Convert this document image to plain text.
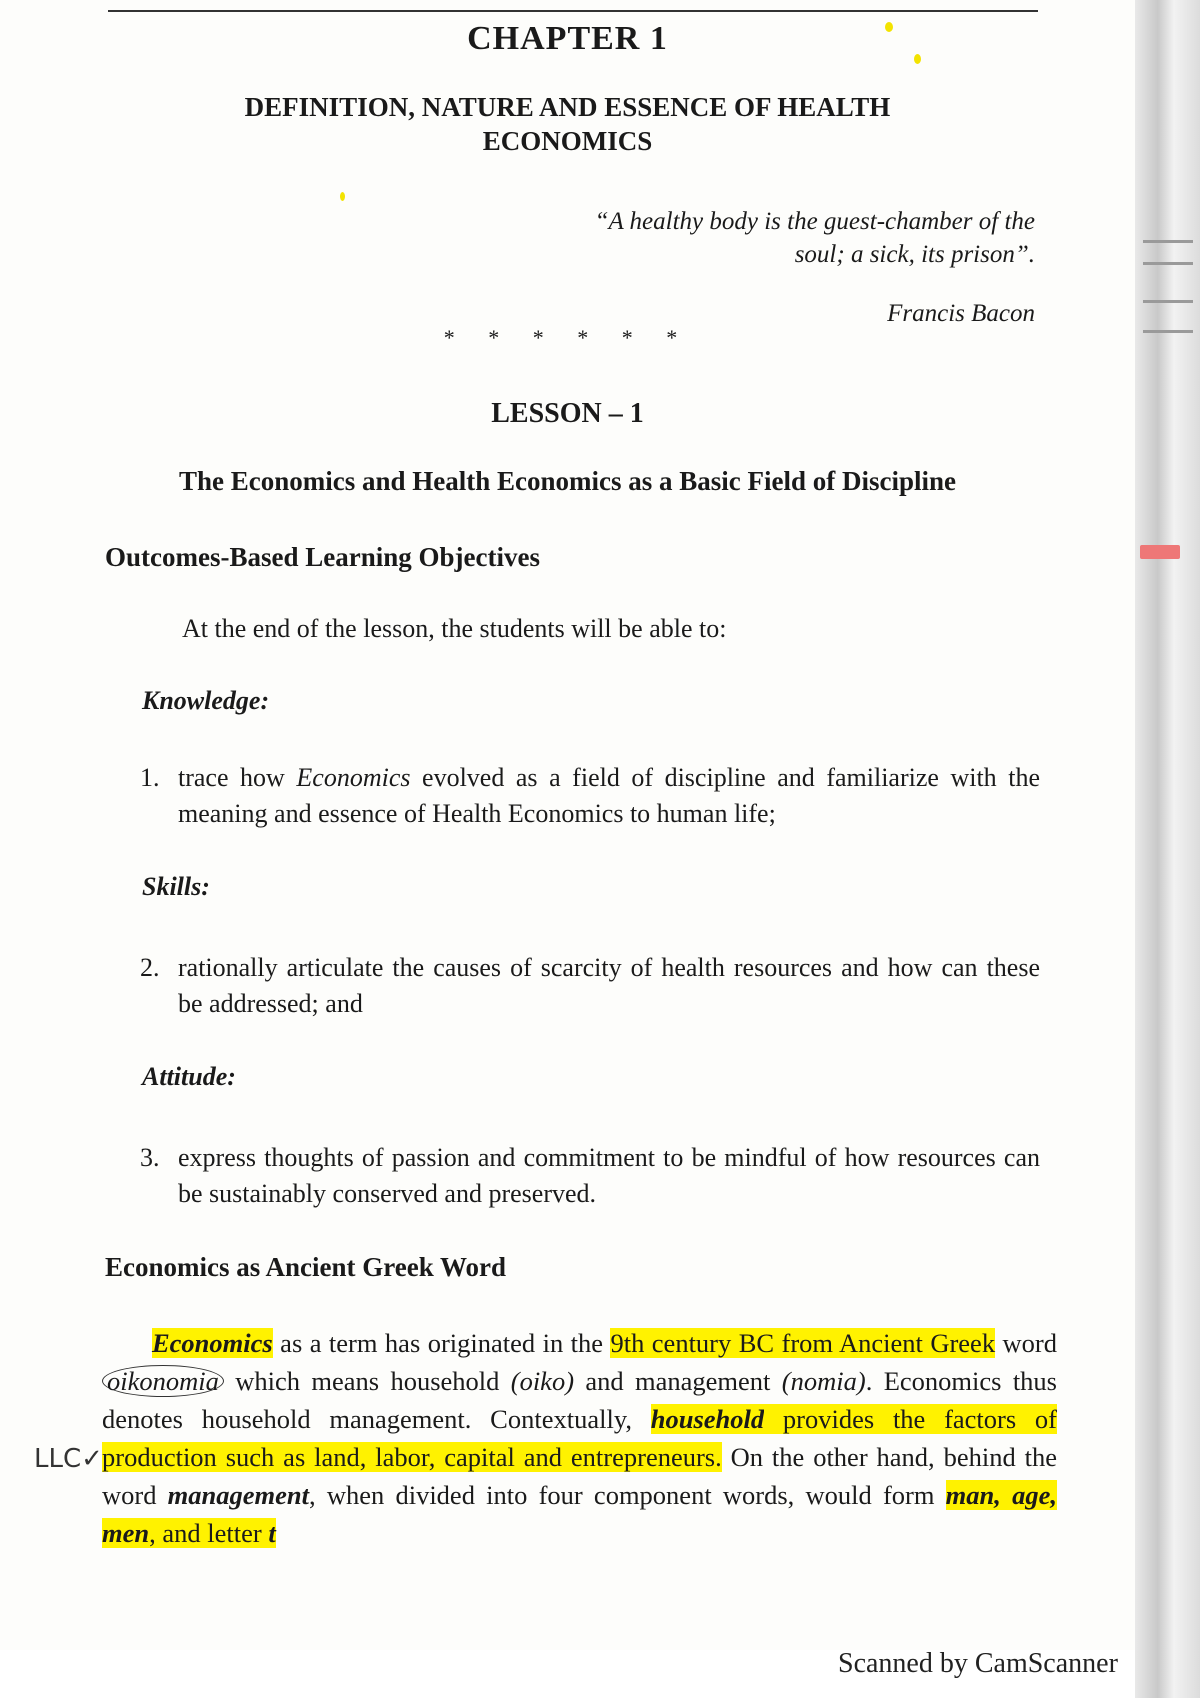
CHAPTER 1

DEFINITION, NATURE AND ESSENCE OF HEALTH
ECONOMICS
“A healthy body is the guest-chamber of the
soul; a sick, its prison”.

Francis Bacon

* * * * * *

LESSON – 1

The Economics and Health Economics as a Basic Field of Discipline

Outcomes-Based Learning Objectives

At the end of the lesson, the students will be able to:

Knowledge:

1. trace how Economics evolved as a field of discipline and familiarize with the meaning and essence of Health Economics to human life;

Skills:

2. rationally articulate the causes of scarcity of health resources and how can these be addressed; and

Attitude:

3. express thoughts of passion and commitment to be mindful of how resources can be sustainably conserved and preserved.

Economics as Ancient Greek Word

Economics as a term has originated in the 9th century BC from Ancient Greek word oikonomia which means household (oiko) and management (nomia). Economics thus denotes household management. Contextually, household provides the factors of production such as land, labor, capital and entrepreneurs. On the other hand, behind the word management, when divided into four component words, would form man, age, men, and letter t

LLC✓

Scanned by CamScanner
